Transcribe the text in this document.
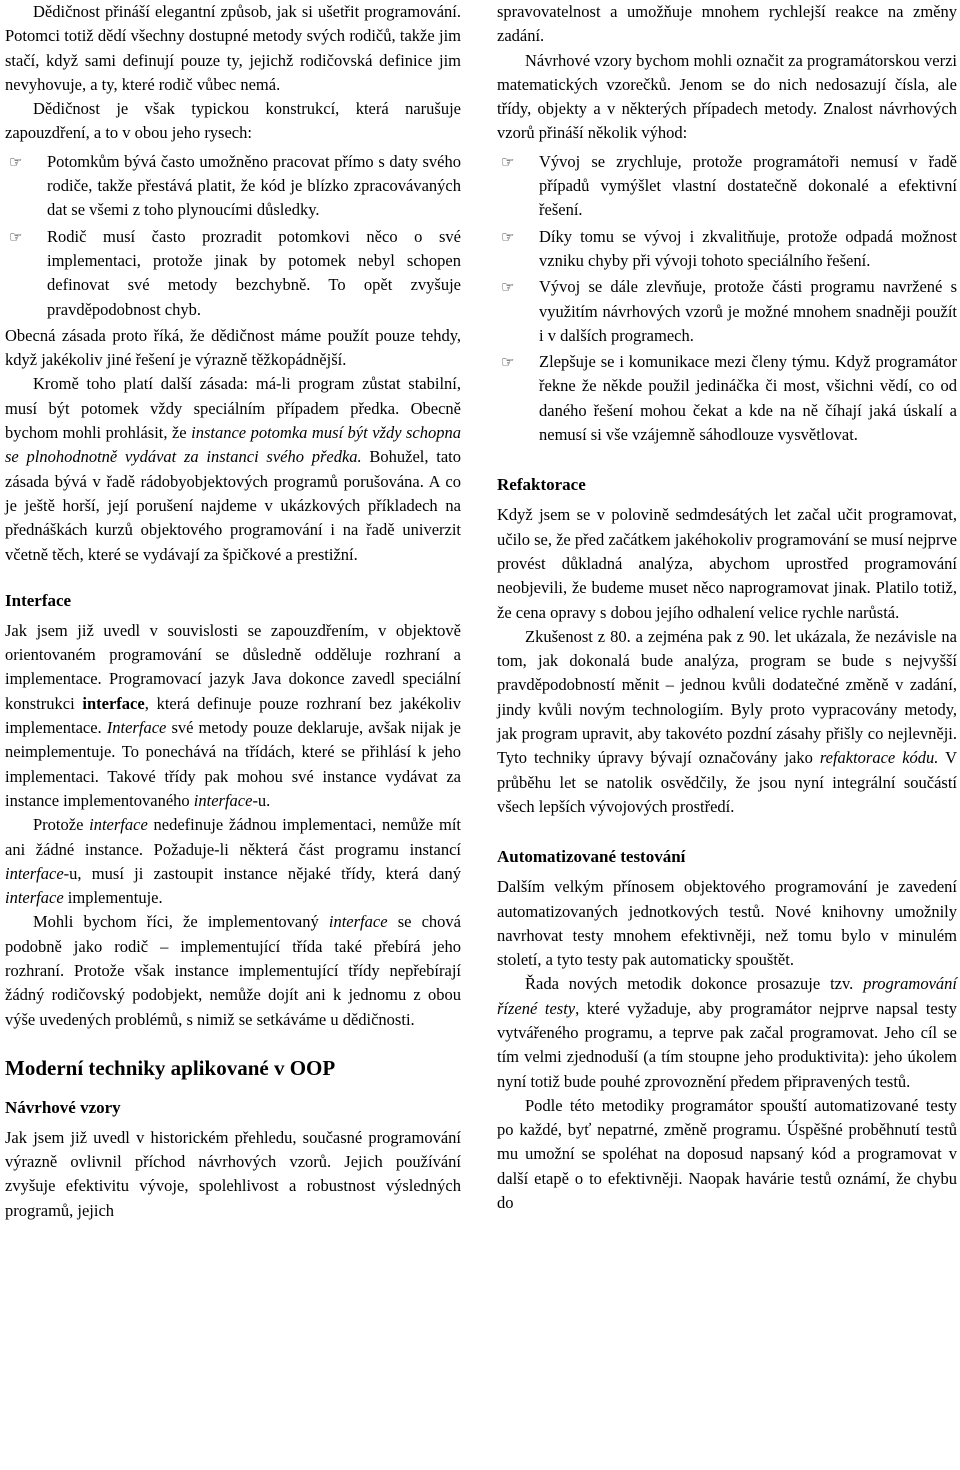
Dědičnost přináší elegantní způsob, jak si ušetřit programování. Potomci totiž dědí všechny dostupné metody svých rodičů, takže jim stačí, když sami definují pouze ty, jejichž rodičovská definice jim nevyhovuje, a ty, které rodič vůbec nemá.

Dědičnost je však typickou konstrukcí, která narušuje zapouzdření, a to v obou jeho rysech:

☞ Potomkům bývá často umožněno pracovat přímo s daty svého rodiče, takže přestává platit, že kód je blízko zpracovávaných dat se všemi z toho plynoucími důsledky.
☞ Rodič musí často prozradit potomkovi něco o své implementaci, protože jinak by potomek nebyl schopen definovat své metody bezchybně. To opět zvyšuje pravděpodobnost chyb.

Obecná zásada proto říká, že dědičnost máme použít pouze tehdy, když jakékoliv jiné řešení je výrazně těžkopádnější.

Kromě toho platí další zásada: má-li program zůstat stabilní, musí být potomek vždy speciálním případem předka. Obecně bychom mohli prohlásit, že instance potomka musí být vždy schopna se plnohodnotně vydávat za instanci svého předka. Bohužel, tato zásada bývá v řadě rádobyobjektových programů porušována. A co je ještě horší, její porušení najdeme v ukázkových příkladech na přednáškách kurzů objektového programování i na řadě univerzit včetně těch, které se vydávají za špičkové a prestižní.

Interface

Jak jsem již uvedl v souvislosti se zapouzdřením, v objektově orientovaném programování se důsledně odděluje rozhraní a implementace. Programovací jazyk Java dokonce zavedl speciální konstrukci interface, která definuje pouze rozhraní bez jakékoliv implementace. Interface své metody pouze deklaruje, avšak nijak je neimplementuje. To ponechává na třídách, které se přihlásí k jeho implementaci. Takové třídy pak mohou své instance vydávat za instance implementovaného interface-u.

Protože interface nedefinuje žádnou implementaci, nemůže mít ani žádné instance. Požaduje-li některá část programu instancí interface-u, musí ji zastoupit instance nějaké třídy, která daný interface implementuje.

Mohli bychom říci, že implementovaný interface se chová podobně jako rodič – implementující třída také přebírá jeho rozhraní. Protože však instance implementující třídy nepřebírají žádný rodičovský podobjekt, nemůže dojít ani k jednomu z obou výše uvedených problémů, s nimiž se setkáváme u dědičnosti.

Moderní techniky aplikované v OOP
Návrhové vzory

Jak jsem již uvedl v historickém přehledu, současné programování výrazně ovlivnil příchod návrhových vzorů. Jejich používání zvyšuje efektivitu vývoje, spolehlivost a robustnost výsledných programů, jejich

spravovatelnost a umožňuje mnohem rychlejší reakce na změny zadání.

Návrhové vzory bychom mohli označit za programátorskou verzi matematických vzorečků. Jenom se do nich nedosazují čísla, ale třídy, objekty a v některých případech metody. Znalost návrhových vzorů přináší několik výhod:

☞ Vývoj se zrychluje, protože programátoři nemusí v řadě případů vymýšlet vlastní dostatečně dokonalé a efektivní řešení.
☞ Díky tomu se vývoj i zkvalitňuje, protože odpadá možnost vzniku chyby při vývoji tohoto speciálního řešení.
☞ Vývoj se dále zlevňuje, protože části programu navržené s využitím návrhových vzorů je možné mnohem snadněji použít i v dalších programech.
☞ Zlepšuje se i komunikace mezi členy týmu. Když programátor řekne že někde použil jedináčka či most, všichni vědí, co od daného řešení mohou čekat a kde na ně číhají jaká úskalí a nemusí si vše vzájemně sáhodlouze vysvětlovat.
Refaktorace

Když jsem se v polovině sedmdesátých let začal učit programovat, učilo se, že před začátkem jakéhokoliv programování se musí nejprve provést důkladná analýza, abychom uprostřed programování neobjevili, že budeme muset něco naprogramovat jinak. Platilo totiž, že cena opravy s dobou jejího odhalení velice rychle narůstá.

Zkušenost z 80. a zejména pak z 90. let ukázala, že nezávisle na tom, jak dokonalá bude analýza, program se bude s nejvyšší pravděpodobností měnit – jednou kvůli dodatečné změně v zadání, jindy kvůli novým technologiím. Byly proto vypracovány metody, jak program upravit, aby takovéto pozdní zásahy přišly co nejlevněji. Tyto techniky úpravy bývají označovány jako refaktorace kódu. V průběhu let se natolik osvědčily, že jsou nyní integrální součástí všech lepších vývojových prostředí.

Automatizované testování

Dalším velkým přínosem objektového programování je zavedení automatizovaných jednotkových testů. Nové knihovny umožnily navrhovat testy mnohem efektivněji, než tomu bylo v minulém století, a tyto testy pak automaticky spouštět.

Řada nových metodik dokonce prosazuje tzv. programování řízené testy, které vyžaduje, aby programátor nejprve napsal testy vytvářeného programu, a teprve pak začal programovat. Jeho cíl se tím velmi zjednoduší (a tím stoupne jeho produktivita): jeho úkolem nyní totiž bude pouhé zprovoznění předem připravených testů.

Podle této metodiky programátor spouští automatizované testy po každé, byť nepatrné, změně programu. Úspěšné proběhnutí testů mu umožní se spoléhat na doposud napsaný kód a programovat v další etapě o to efektivněji. Naopak havárie testů oznámí, že chybu do
